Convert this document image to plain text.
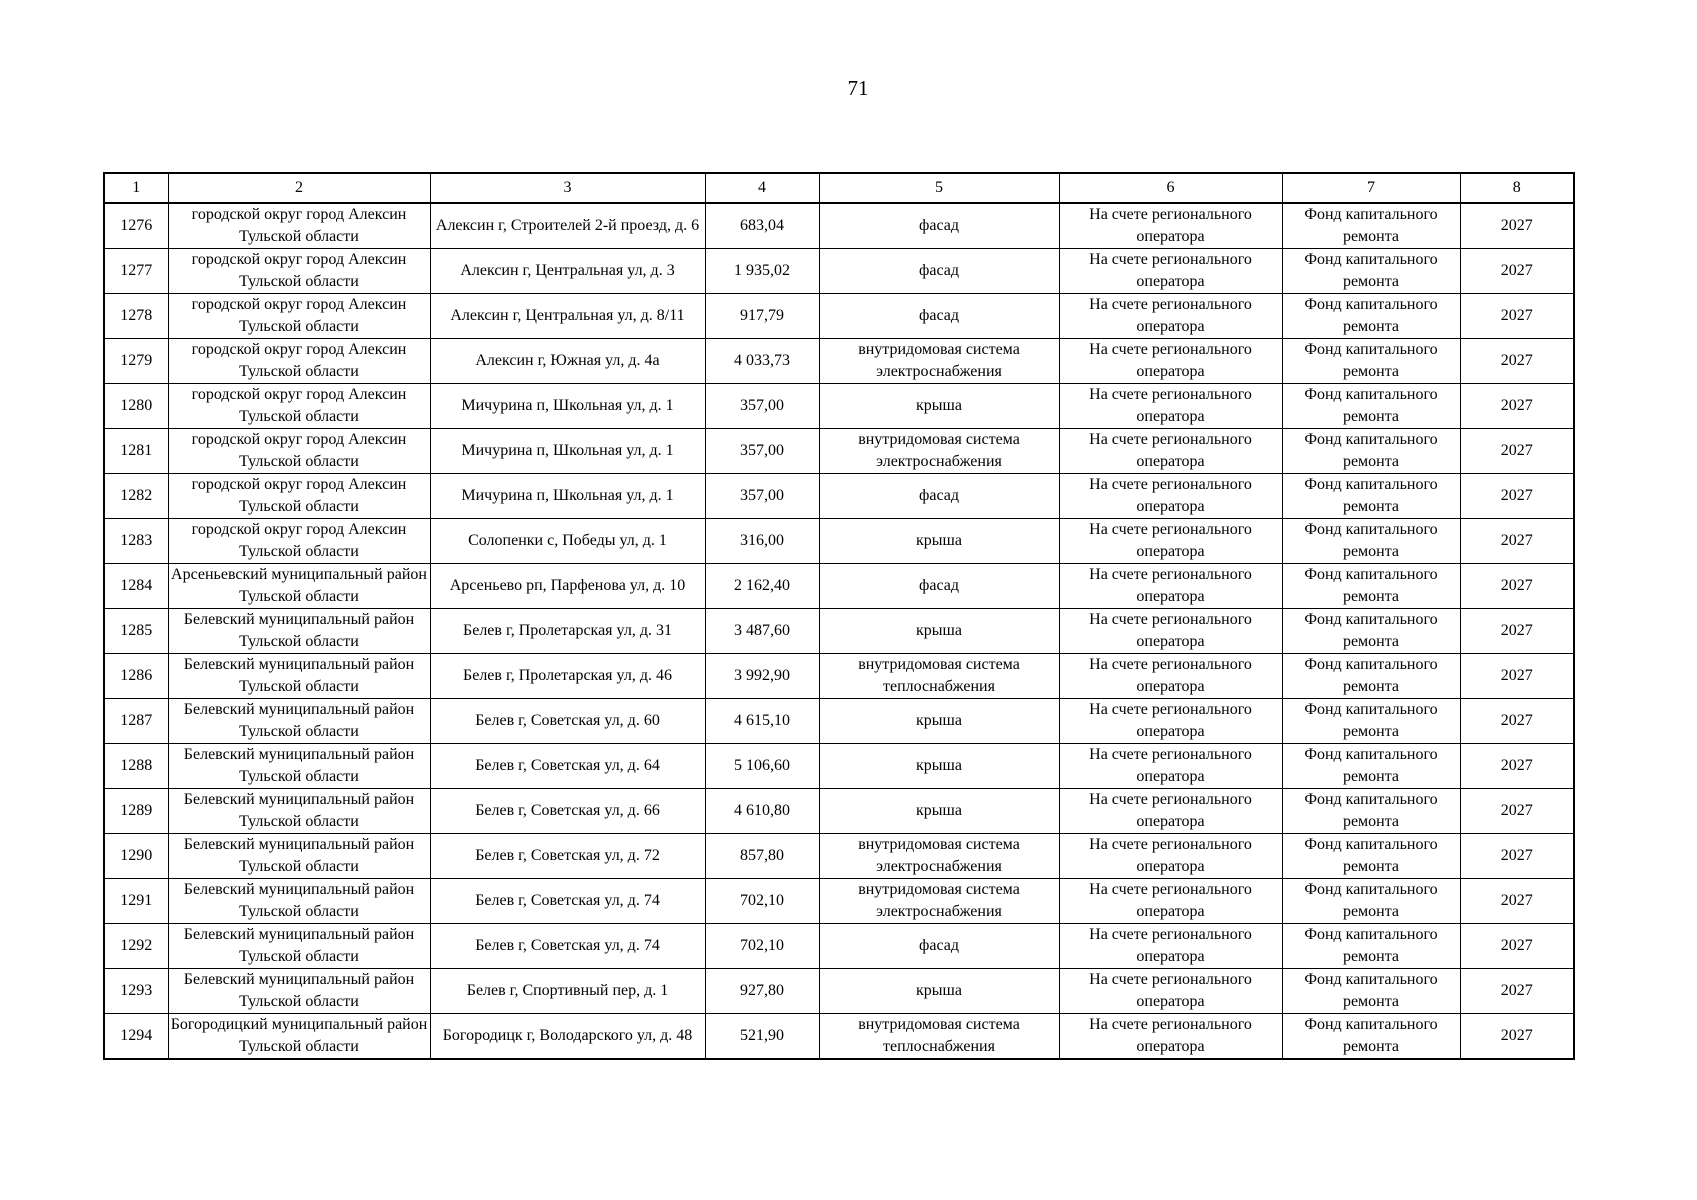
71
1	2	3	4	5	6	7	8
1276	городской округ город Алексин Тульской области	Алексин г, Строителей 2-й проезд, д. 6	683,04	фасад	На счете регионального оператора	Фонд капитального ремонта	2027
1277	городской округ город Алексин Тульской области	Алексин г, Центральная ул, д. 3	1 935,02	фасад	На счете регионального оператора	Фонд капитального ремонта	2027
1278	городской округ город Алексин Тульской области	Алексин г, Центральная ул, д. 8/11	917,79	фасад	На счете регионального оператора	Фонд капитального ремонта	2027
1279	городской округ город Алексин Тульской области	Алексин г, Южная ул, д. 4а	4 033,73	внутридомовая система электроснабжения	На счете регионального оператора	Фонд капитального ремонта	2027
1280	городской округ город Алексин Тульской области	Мичурина п, Школьная ул, д. 1	357,00	крыша	На счете регионального оператора	Фонд капитального ремонта	2027
1281	городской округ город Алексин Тульской области	Мичурина п, Школьная ул, д. 1	357,00	внутридомовая система электроснабжения	На счете регионального оператора	Фонд капитального ремонта	2027
1282	городской округ город Алексин Тульской области	Мичурина п, Школьная ул, д. 1	357,00	фасад	На счете регионального оператора	Фонд капитального ремонта	2027
1283	городской округ город Алексин Тульской области	Солопенки с, Победы ул, д. 1	316,00	крыша	На счете регионального оператора	Фонд капитального ремонта	2027
1284	Арсеньевский муниципальный район Тульской области	Арсеньево рп, Парфенова ул, д. 10	2 162,40	фасад	На счете регионального оператора	Фонд капитального ремонта	2027
1285	Белевский муниципальный район Тульской области	Белев г, Пролетарская ул, д. 31	3 487,60	крыша	На счете регионального оператора	Фонд капитального ремонта	2027
1286	Белевский муниципальный район Тульской области	Белев г, Пролетарская ул, д. 46	3 992,90	внутридомовая система теплоснабжения	На счете регионального оператора	Фонд капитального ремонта	2027
1287	Белевский муниципальный район Тульской области	Белев г, Советская ул, д. 60	4 615,10	крыша	На счете регионального оператора	Фонд капитального ремонта	2027
1288	Белевский муниципальный район Тульской области	Белев г, Советская ул, д. 64	5 106,60	крыша	На счете регионального оператора	Фонд капитального ремонта	2027
1289	Белевский муниципальный район Тульской области	Белев г, Советская ул, д. 66	4 610,80	крыша	На счете регионального оператора	Фонд капитального ремонта	2027
1290	Белевский муниципальный район Тульской области	Белев г, Советская ул, д. 72	857,80	внутридомовая система электроснабжения	На счете регионального оператора	Фонд капитального ремонта	2027
1291	Белевский муниципальный район Тульской области	Белев г, Советская ул, д. 74	702,10	внутридомовая система электроснабжения	На счете регионального оператора	Фонд капитального ремонта	2027
1292	Белевский муниципальный район Тульской области	Белев г, Советская ул, д. 74	702,10	фасад	На счете регионального оператора	Фонд капитального ремонта	2027
1293	Белевский муниципальный район Тульской области	Белев г, Спортивный пер, д. 1	927,80	крыша	На счете регионального оператора	Фонд капитального ремонта	2027
1294	Богородицкий муниципальный район Тульской области	Богородицк г, Володарского ул, д. 48	521,90	внутридомовая система теплоснабжения	На счете регионального оператора	Фонд капитального ремонта	2027
